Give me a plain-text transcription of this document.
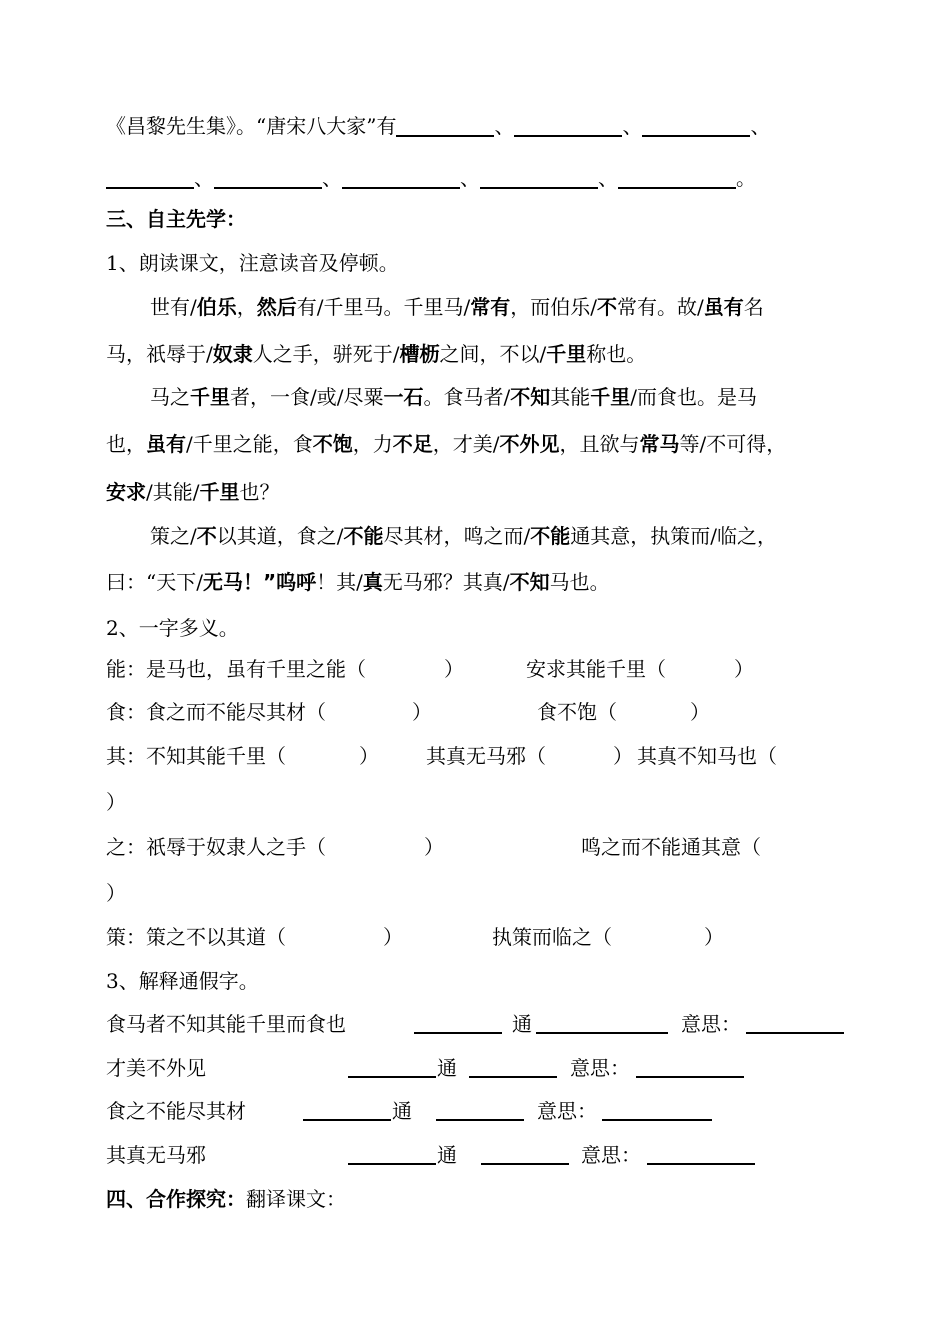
《昌黎先生集》。“唐宋八大家”有	、	、	、
、	、	、	、	。
三、自主先学：
1、朗读课文，注意读音及停顿。
世有/伯乐，然后有/千里马。千里马/常有，而伯乐/不常有。故/虽有名
马，祇辱于/奴隶人之手，骈死于/槽枥之间，不以/千里称也。
马之千里者，一食/或/尽粟一石。食马者/不知其能千里/而食也。是马
也，虽有/千里之能，食不饱，力不足，才美/不外见，且欲与常马等/不可得，
安求/其能/千里也？
策之/不以其道，食之/不能尽其材，鸣之而/不能通其意，执策而/临之，
曰：“天下/无马！”呜呼！其/真无马邪？其真/不知马也。
2、一字多义。
能：是马也，虽有千里之能（	）	安求其能千里（	）
食：食之而不能尽其材（	）	食不饱（	）
其：不知其能千里（	） 其真无马邪（	） 其真不知马也（
）
之：祇辱于奴隶人之手（	）	鸣之而不能通其意（
）
策：策之不以其道（	）	执策而临之（	）
3、解释通假字。
食马者不知其能千里而食也	通	意思：
才美不外见	通	意思：
食之不能尽其材	通	意思：
其真无马邪	通	意思：
四、合作探究：翻译课文：
